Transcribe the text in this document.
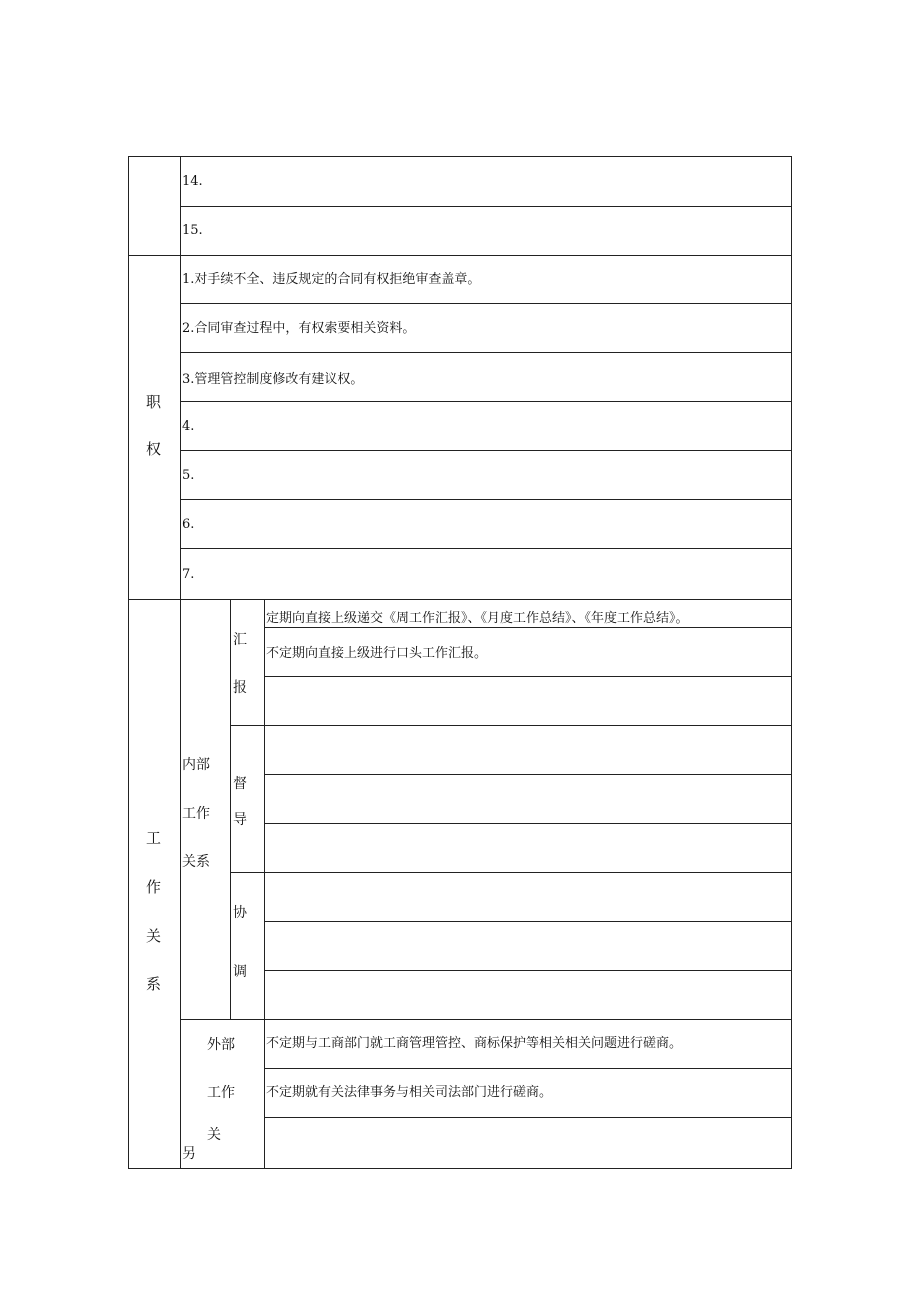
14.
15.
职
权
1.对手续不全、违反规定的合同有权拒绝审查盖章。
2.合同审查过程中，有权索要相关资料。
3.管理管控制度修改有建议权。
4.
5.
6.
7.
工
作
关
系
内部
工作
关系
汇
报
定期向直接上级递交《周工作汇报》、《月度工作总结》、《年度工作总结》。
不定期向直接上级进行口头工作汇报。
督
导
协
调
外部
工作
关
另
不定期与工商部门就工商管理管控、商标保护等相关相关问题进行磋商。
不定期就有关法律事务与相关司法部门进行磋商。
